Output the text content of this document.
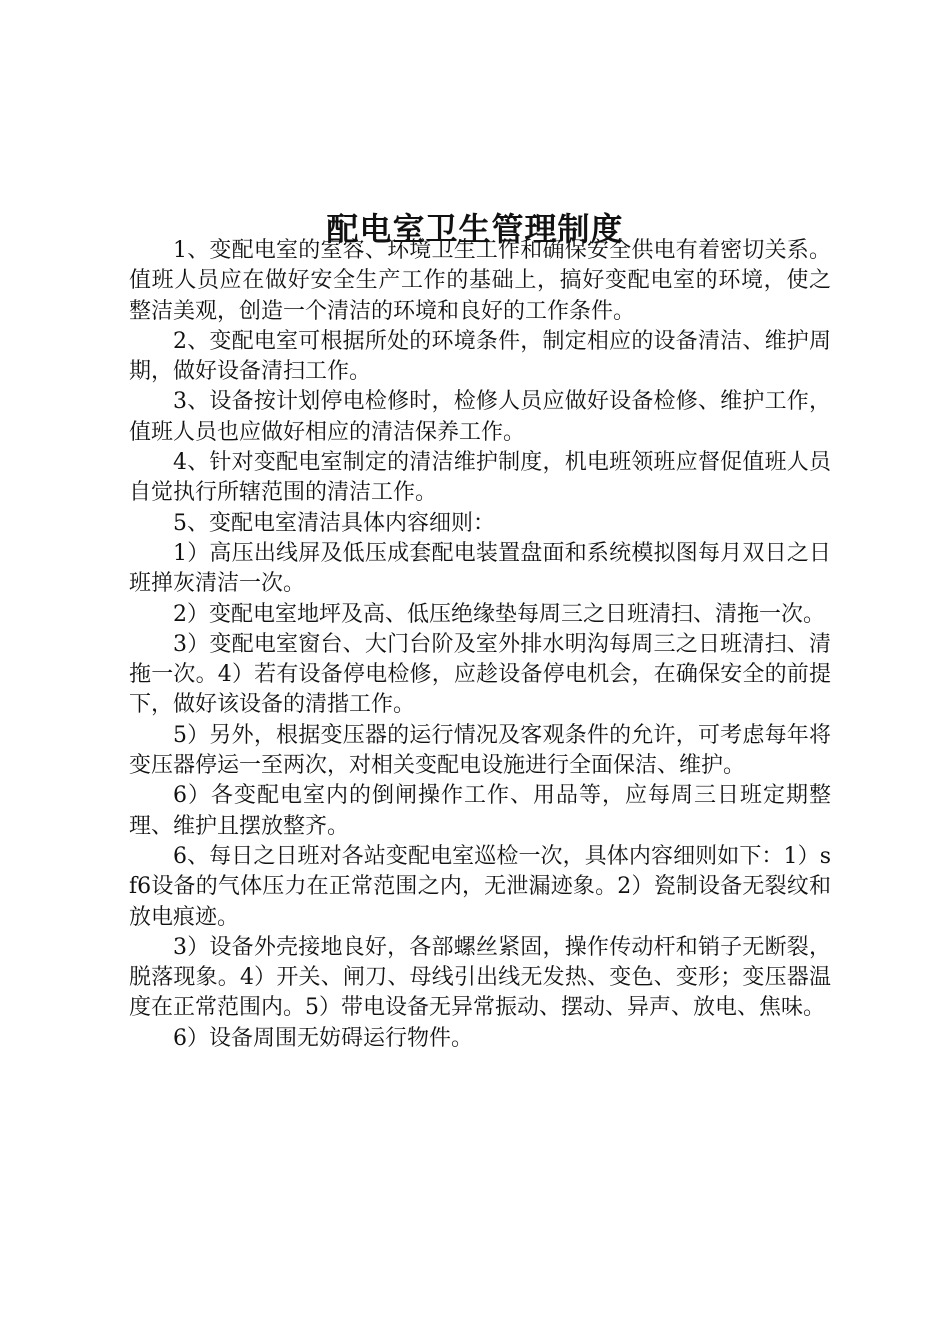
配电室卫生管理制度

1、变配电室的室容、环境卫生工作和确保安全供电有着密切关系。值班人员应在做好安全生产工作的基础上，搞好变配电室的环境，使之整洁美观，创造一个清洁的环境和良好的工作条件。

2、变配电室可根据所处的环境条件，制定相应的设备清洁、维护周期，做好设备清扫工作。

3、设备按计划停电检修时，检修人员应做好设备检修、维护工作，值班人员也应做好相应的清洁保养工作。

4、针对变配电室制定的清洁维护制度，机电班领班应督促值班人员自觉执行所辖范围的清洁工作。

5、变配电室清洁具体内容细则：

1）高压出线屏及低压成套配电装置盘面和系统模拟图每月双日之日班掸灰清洁一次。

2）变配电室地坪及高、低压绝缘垫每周三之日班清扫、清拖一次。

3）变配电室窗台、大门台阶及室外排水明沟每周三之日班清扫、清拖一次。4）若有设备停电检修，应趁设备停电机会，在确保安全的前提下，做好该设备的清揩工作。

5）另外，根据变压器的运行情况及客观条件的允许，可考虑每年将变压器停运一至两次，对相关变配电设施进行全面保洁、维护。

6）各变配电室内的倒闸操作工作、用品等，应每周三日班定期整理、维护且摆放整齐。

6、每日之日班对各站变配电室巡检一次，具体内容细则如下：1）sf6设备的气体压力在正常范围之内，无泄漏迹象。2）瓷制设备无裂纹和放电痕迹。

3）设备外壳接地良好，各部螺丝紧固，操作传动杆和销子无断裂，脱落现象。4）开关、闸刀、母线引出线无发热、变色、变形；变压器温度在正常范围内。5）带电设备无异常振动、摆动、异声、放电、焦味。

6）设备周围无妨碍运行物件。
